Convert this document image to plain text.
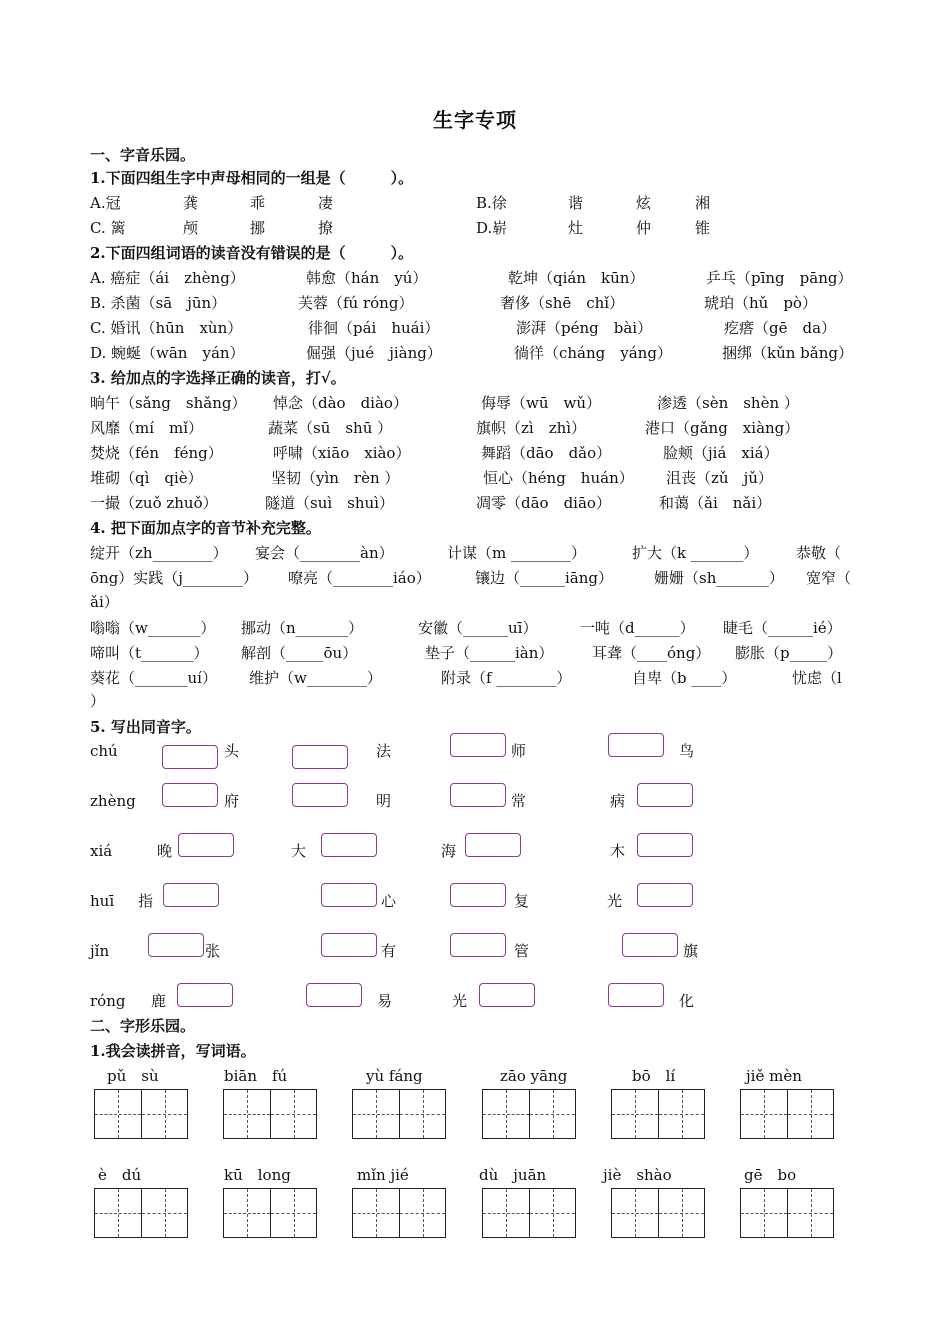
生字专项
一、字音乐园。
1.下面四组生字中声母相同的一组是（　　　）。
A.冠	龚	乖	凄	B.徐	谐	炫	湘
C. 篱	颅	挪	撩	D.崭	灶	仲	锥
2.下面四组词语的读音没有错误的是（　　　）。
A. 癌症（ái　zhèng）	韩愈（hán　yú）	乾坤（qián　kūn）	乒乓（pīng　pāng）
B. 杀菌（sā　jūn）	芙蓉（fú róng）	奢侈（shē　chǐ）	琥珀（hǔ　pò）
C. 婚讯（hūn　xùn）	徘徊（pái　huái）	澎湃（péng　bài）	疙瘩（gē　da）
D. 蜿蜒（wān　yán）	倔强（jué　jiàng）	徜徉（cháng　yáng）	捆绑（kǔn bǎng）
3. 给加点的字选择正确的读音，打√。
晌午（sǎng　shǎng） 悼念（dào　diào）	侮辱（wū　wǔ）	渗透（sèn　shèn ）
风靡（mí　mǐ）	蔬菜（sū　shū ）	旗帜（zì　zhì）	港口（gǎng　xiàng）
焚烧（fén　féng）	呼啸（xiāo　xiào）	舞蹈（dāo　dǎo）	脸颊（jiá　xiá）
堆砌（qì　qiè）	坚韧（yìn　rèn ）	恒心（héng　huán） 沮丧（zǔ　jǔ）
一撮（zuǒ zhuǒ）	隧道（suì　shuì）	凋零（dāo　diāo）	和蔼（ǎi　nǎi）
4. 把下面加点字的音节补充完整。
绽开（zh________） 宴会（________àn）	计谋（m ________）	扩大（k _______）	恭敬（
ōng）实践（j________） 嘹亮（________iáo）	镶边（______iāng）	姗姗（sh_______） 宽窄（
ǎi）
嗡嗡（w_______） 挪动（n_______）	安徽（______uī）	一吨（d______） 睫毛（______ié）
啼叫（t_______） 解剖（_____ōu）	垫子（______iàn）	耳聋（____óng） 膨胀（p_____）
葵花（_______uí） 维护（w________）	附录（f ________）	自卑（b ____）	忧虑（l
）
5. 写出同音字。
chú	头	法	师	鸟
zhèng	府	明	常	病
xiá	晚	大	海	木
huī 指	心	复	光
jǐn	张	有	管	旗
róng 鹿	易	光	化
二、字形乐园。
1.我会读拼音，写词语。
pǔ　sù	biān　fú	yù fáng	zāo yāng	bō　lí	jiě mèn
è　dú	kū　long	mǐn jié	dù　juān	jiè　shào	gē　bo
